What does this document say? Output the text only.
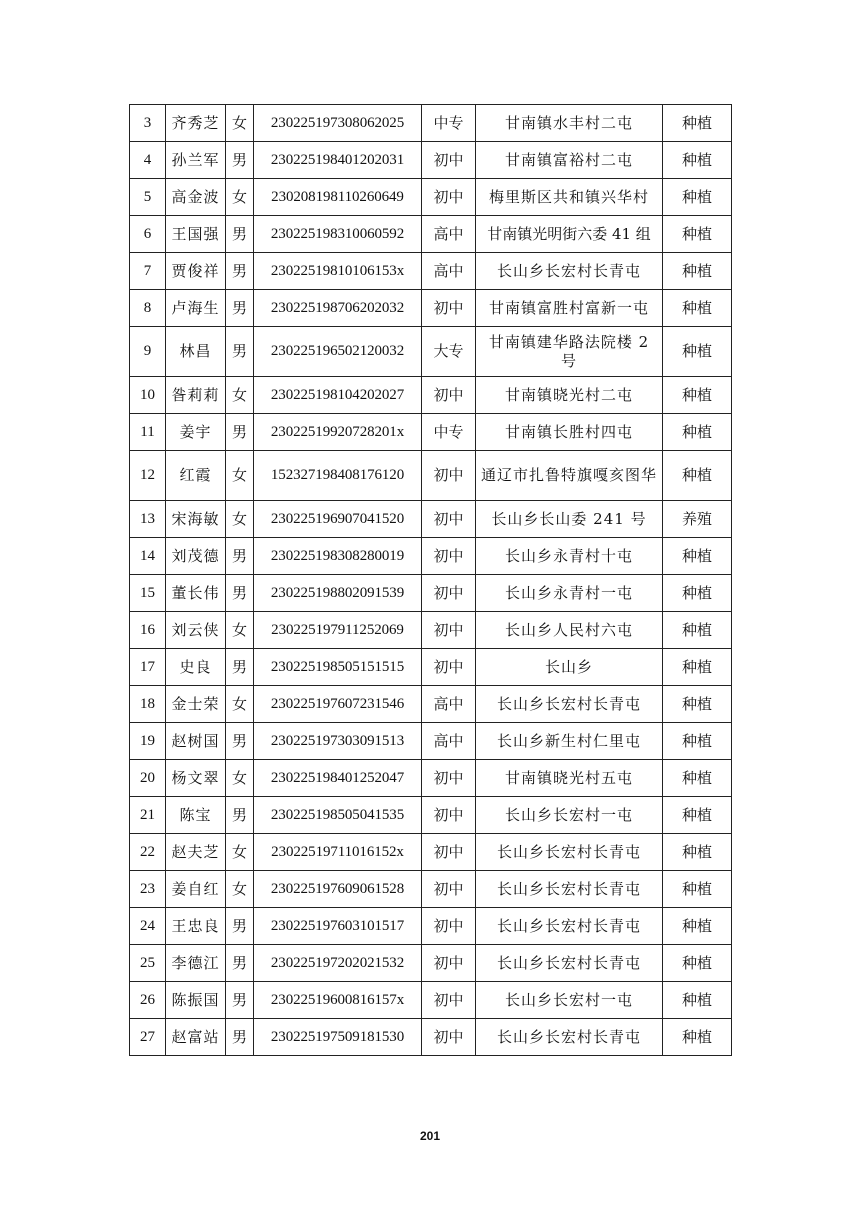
3	齐秀芝	女	230225197308062025	中专	甘南镇水丰村二屯	种植
4	孙兰军	男	230225198401202031	初中	甘南镇富裕村二屯	种植
5	高金波	女	230208198110260649	初中	梅里斯区共和镇兴华村	种植
6	王国强	男	230225198310060592	高中	甘南镇光明街六委 41 组	种植
7	贾俊祥	男	23022519810106153x	高中	长山乡长宏村长青屯	种植
8	卢海生	男	230225198706202032	初中	甘南镇富胜村富新一屯	种植
9	林昌	男	230225196502120032	大专	甘南镇建华路法院楼 2 号	种植
10	昝莉莉	女	230225198104202027	初中	甘南镇晓光村二屯	种植
11	姜宇	男	23022519920728201x	中专	甘南镇长胜村四屯	种植
12	红霞	女	152327198408176120	初中	通辽市扎鲁特旗嘎亥图华	种植
13	宋海敏	女	230225196907041520	初中	长山乡长山委 241 号	养殖
14	刘茂德	男	230225198308280019	初中	长山乡永青村十屯	种植
15	董长伟	男	230225198802091539	初中	长山乡永青村一屯	种植
16	刘云侠	女	230225197911252069	初中	长山乡人民村六屯	种植
17	史良	男	230225198505151515	初中	长山乡	种植
18	金士荣	女	230225197607231546	高中	长山乡长宏村长青屯	种植
19	赵树国	男	230225197303091513	高中	长山乡新生村仁里屯	种植
20	杨文翠	女	230225198401252047	初中	甘南镇晓光村五屯	种植
21	陈宝	男	230225198505041535	初中	长山乡长宏村一屯	种植
22	赵夫芝	女	23022519711016152x	初中	长山乡长宏村长青屯	种植
23	姜自红	女	230225197609061528	初中	长山乡长宏村长青屯	种植
24	王忠良	男	230225197603101517	初中	长山乡长宏村长青屯	种植
25	李德江	男	230225197202021532	初中	长山乡长宏村长青屯	种植
26	陈振国	男	23022519600816157x	初中	长山乡长宏村一屯	种植
27	赵富站	男	230225197509181530	初中	长山乡长宏村长青屯	种植
201
